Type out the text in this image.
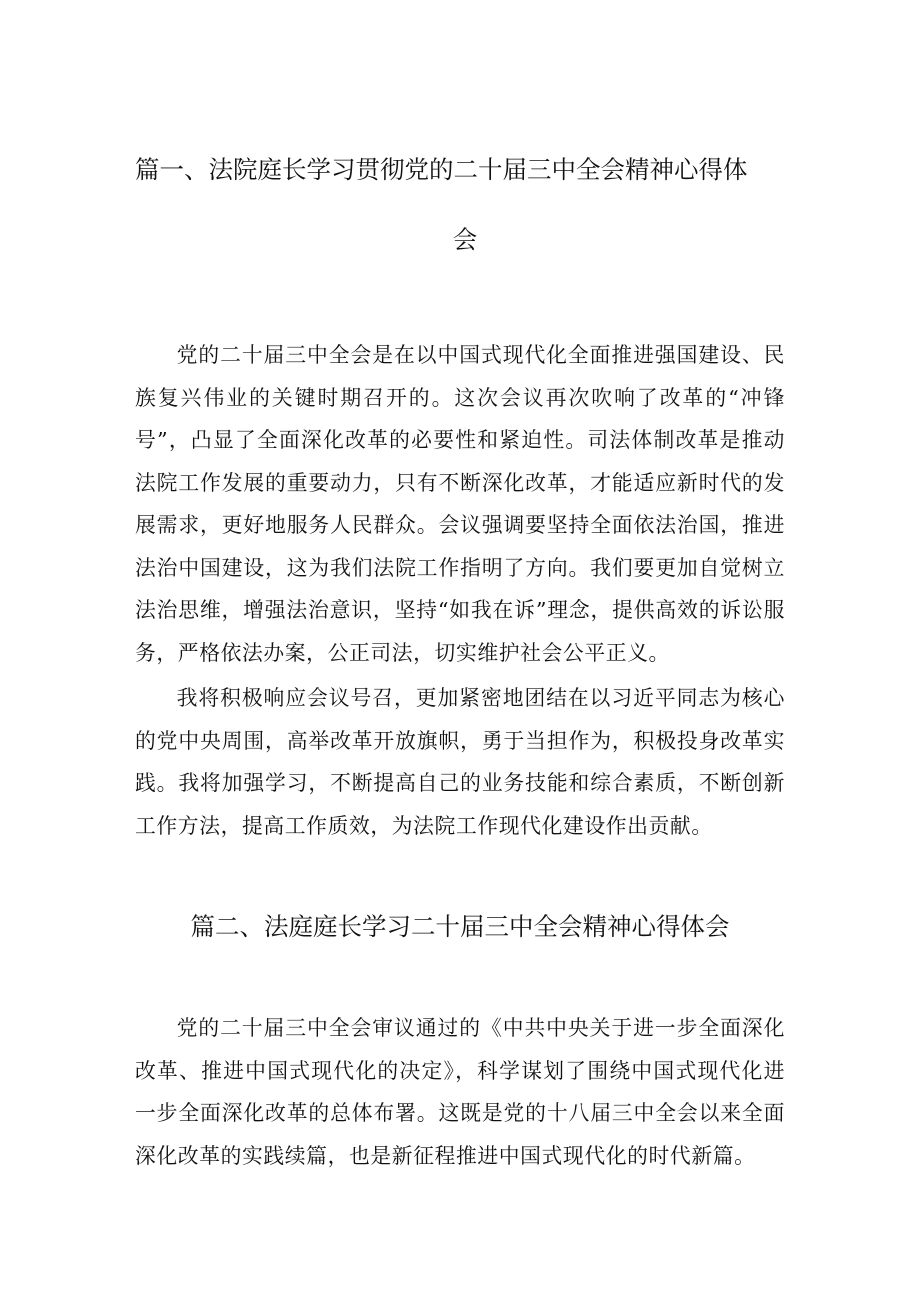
篇一、法院庭长学习贯彻党的二十届三中全会精神心得体
会

党的二十届三中全会是在以中国式现代化全面推进强国建设、民族复兴伟业的关键时期召开的。这次会议再次吹响了改革的“冲锋号”，凸显了全面深化改革的必要性和紧迫性。司法体制改革是推动法院工作发展的重要动力，只有不断深化改革，才能适应新时代的发展需求，更好地服务人民群众。会议强调要坚持全面依法治国，推进法治中国建设，这为我们法院工作指明了方向。我们要更加自觉树立法治思维，增强法治意识，坚持“如我在诉”理念，提供高效的诉讼服务，严格依法办案，公正司法，切实维护社会公平正义。

我将积极响应会议号召，更加紧密地团结在以习近平同志为核心的党中央周围，高举改革开放旗帜，勇于当担作为，积极投身改革实践。我将加强学习，不断提高自己的业务技能和综合素质，不断创新工作方法，提高工作质效，为法院工作现代化建设作出贡献。

篇二、法庭庭长学习二十届三中全会精神心得体会

党的二十届三中全会审议通过的《中共中央关于进一步全面深化改革、推进中国式现代化的决定》，科学谋划了围绕中国式现代化进一步全面深化改革的总体布署。这既是党的十八届三中全会以来全面深化改革的实践续篇，也是新征程推进中国式现代化的时代新篇。
